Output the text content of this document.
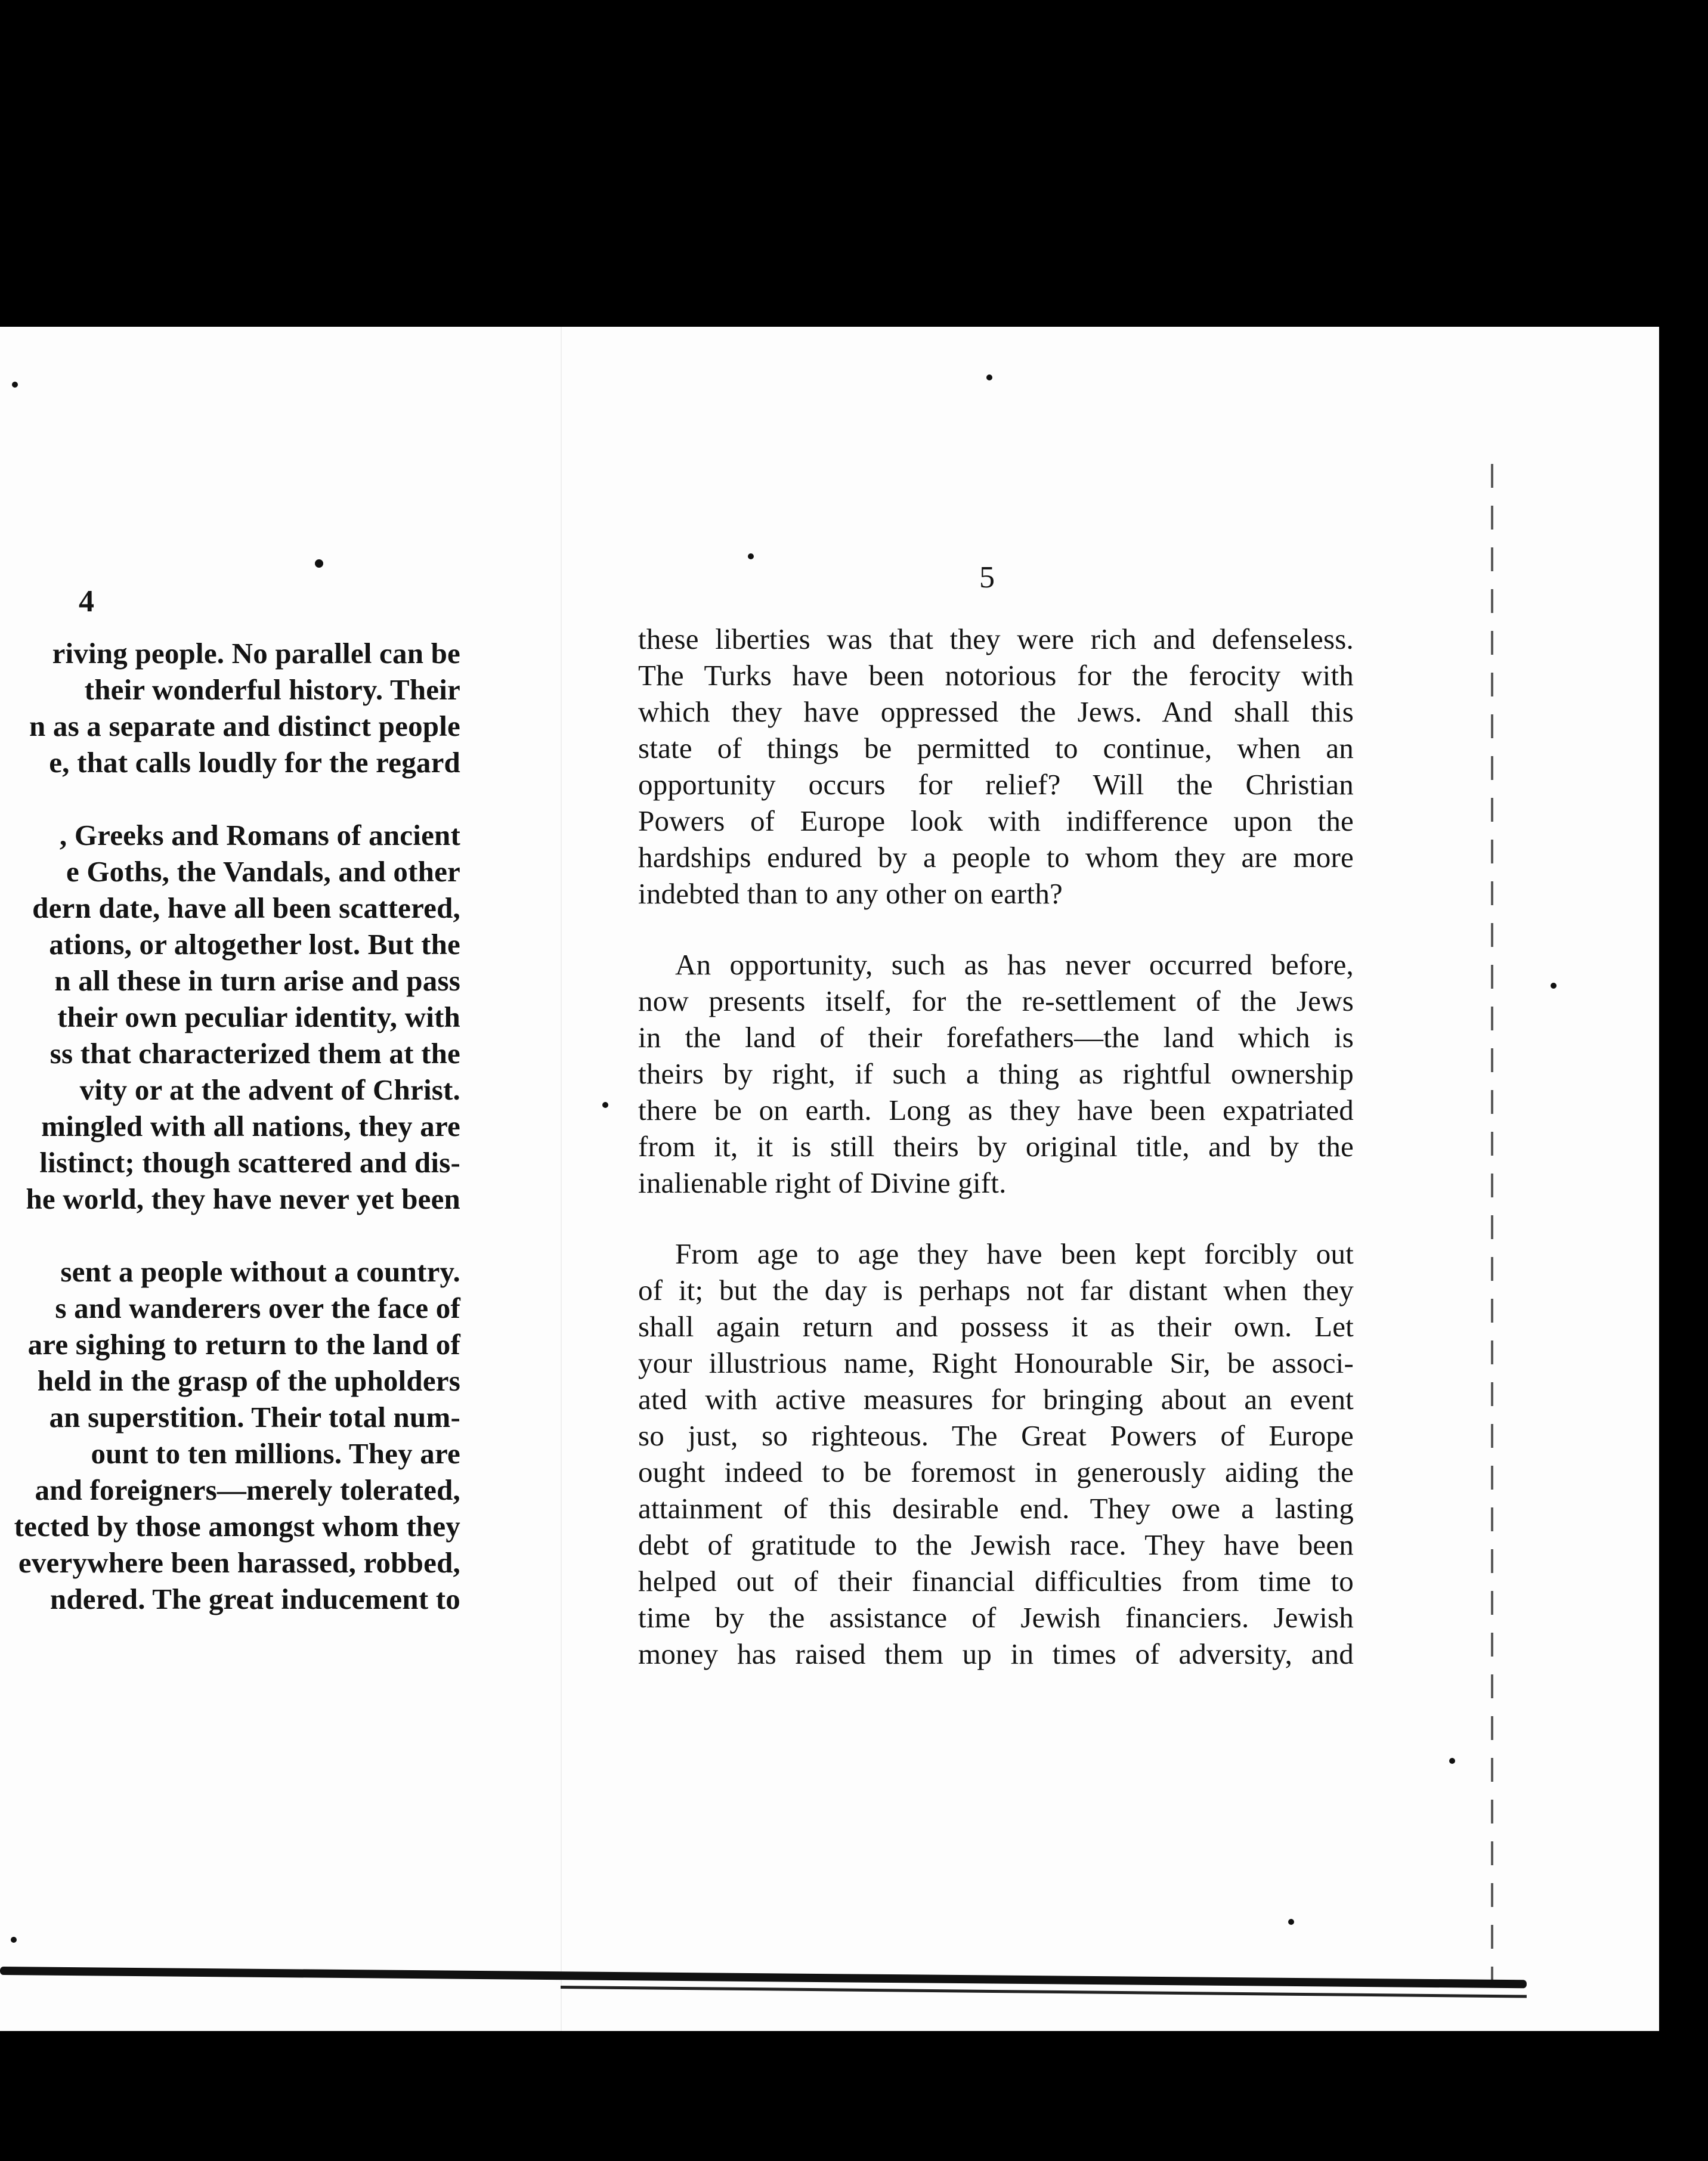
4
riving people. No parallel can be
their wonderful history. Their
n as a separate and distinct people
e, that calls loudly for the regard
, Greeks and Romans of ancient
e Goths, the Vandals, and other
dern date, have all been scattered,
ations, or altogether lost. But the
n all these in turn arise and pass
their own peculiar identity, with
ss that characterized them at the
vity or at the advent of Christ.
mingled with all nations, they are
listinct; though scattered and dis-
he world, they have never yet been
sent a people without a country.
s and wanderers over the face of
are sighing to return to the land of
held in the grasp of the upholders
an superstition. Their total num-
ount to ten millions. They are
and foreigners—merely tolerated,
tected by those amongst whom they
everywhere been harassed, robbed,
ndered. The great inducement to
5
these liberties was that they were rich and defenseless.
The Turks have been notorious for the ferocity with
which they have oppressed the Jews. And shall this
state of things be permitted to continue, when an
opportunity occurs for relief? Will the Christian
Powers of Europe look with indifference upon the
hardships endured by a people to whom they are more
indebted than to any other on earth?
An opportunity, such as has never occurred before,
now presents itself, for the re-settlement of the Jews
in the land of their forefathers—the land which is
theirs by right, if such a thing as rightful ownership
there be on earth. Long as they have been expatriated
from it, it is still theirs by original title, and by the
inalienable right of Divine gift.
From age to age they have been kept forcibly out
of it; but the day is perhaps not far distant when they
shall again return and possess it as their own. Let
your illustrious name, Right Honourable Sir, be associ-
ated with active measures for bringing about an event
so just, so righteous. The Great Powers of Europe
ought indeed to be foremost in generously aiding the
attainment of this desirable end. They owe a lasting
debt of gratitude to the Jewish race. They have been
helped out of their financial difficulties from time to
time by the assistance of Jewish financiers. Jewish
money has raised them up in times of adversity, and
